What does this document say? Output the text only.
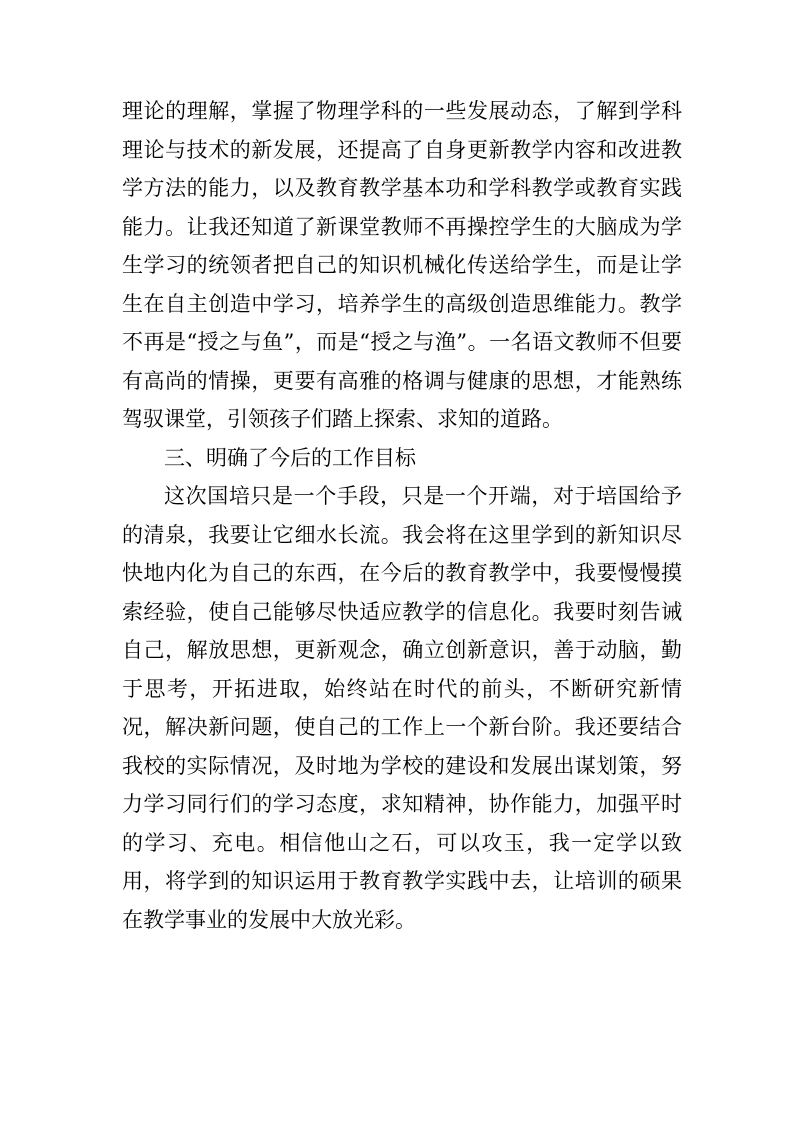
理论的理解，掌握了物理学科的一些发展动态，了解到学科理论与技术的新发展，还提高了自身更新教学内容和改进教学方法的能力，以及教育教学基本功和学科教学或教育实践能力。让我还知道了新课堂教师不再操控学生的大脑成为学生学习的统领者把自己的知识机械化传送给学生，而是让学生在自主创造中学习，培养学生的高级创造思维能力。教学不再是“授之与鱼”，而是“授之与渔”。一名语文教师不但要有高尚的情操，更要有高雅的格调与健康的思想，才能熟练驾驭课堂，引领孩子们踏上探索、求知的道路。

三、明确了今后的工作目标

这次国培只是一个手段，只是一个开端，对于培国给予的清泉，我要让它细水长流。我会将在这里学到的新知识尽快地内化为自己的东西，在今后的教育教学中，我要慢慢摸索经验，使自己能够尽快适应教学的信息化。我要时刻告诫自己，解放思想，更新观念，确立创新意识，善于动脑，勤于思考，开拓进取，始终站在时代的前头，不断研究新情况，解决新问题，使自己的工作上一个新台阶。我还要结合我校的实际情况，及时地为学校的建设和发展出谋划策，努力学习同行们的学习态度，求知精神，协作能力，加强平时的学习、充电。相信他山之石，可以攻玉，我一定学以致用，将学到的知识运用于教育教学实践中去，让培训的硕果在教学事业的发展中大放光彩。
